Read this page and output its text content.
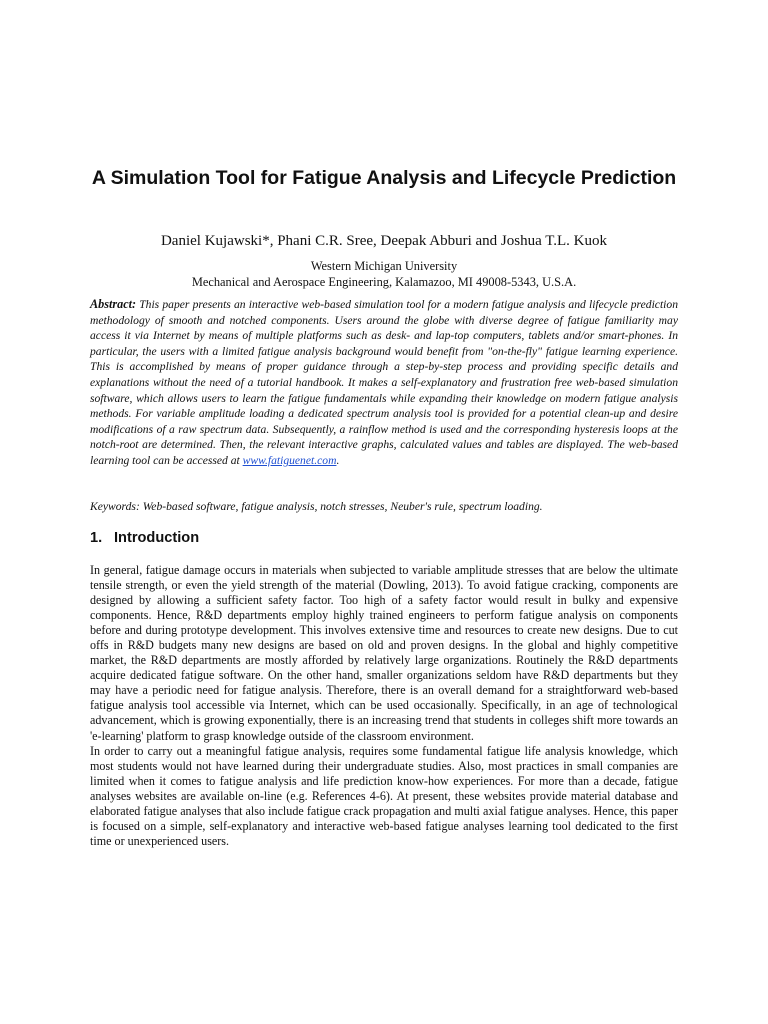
A Simulation Tool for Fatigue Analysis and Lifecycle Prediction

Daniel Kujawski*, Phani C.R. Sree, Deepak Abburi and Joshua T.L. Kuok

Western Michigan University
Mechanical and Aerospace Engineering, Kalamazoo, MI 49008-5343, U.S.A.

Abstract: This paper presents an interactive web-based simulation tool for a modern fatigue analysis and lifecycle prediction methodology of smooth and notched components. Users around the globe with diverse degree of fatigue familiarity may access it via Internet by means of multiple platforms such as desk- and lap-top computers, tablets and/or smart-phones. In particular, the users with a limited fatigue analysis background would benefit from "on-the-fly" fatigue learning experience. This is accomplished by means of proper guidance through a step-by-step process and providing specific details and explanations without the need of a tutorial handbook. It makes a self-explanatory and frustration free web-based simulation software, which allows users to learn the fatigue fundamentals while expanding their knowledge on modern fatigue analysis methods. For variable amplitude loading a dedicated spectrum analysis tool is provided for a potential clean-up and desire modifications of a raw spectrum data. Subsequently, a rainflow method is used and the corresponding hysteresis loops at the notch-root are determined. Then, the relevant interactive graphs, calculated values and tables are displayed. The web-based learning tool can be accessed at www.fatiguenet.com.

Keywords: Web-based software, fatigue analysis, notch stresses, Neuber's rule, spectrum loading.

1. Introduction

In general, fatigue damage occurs in materials when subjected to variable amplitude stresses that are below the ultimate tensile strength, or even the yield strength of the material (Dowling, 2013). To avoid fatigue cracking, components are designed by allowing a sufficient safety factor. Too high of a safety factor would result in bulky and expensive components. Hence, R&D departments employ highly trained engineers to perform fatigue analysis on components before and during prototype development. This involves extensive time and resources to create new designs. Due to cut offs in R&D budgets many new designs are based on old and proven designs. In the global and highly competitive market, the R&D departments are mostly afforded by relatively large organizations. Routinely the R&D departments acquire dedicated fatigue software. On the other hand, smaller organizations seldom have R&D departments but they may have a periodic need for fatigue analysis. Therefore, there is an overall demand for a straightforward web-based fatigue analysis tool accessible via Internet, which can be used occasionally. Specifically, in an age of technological advancement, which is growing exponentially, there is an increasing trend that students in colleges shift more towards an 'e-learning' platform to grasp knowledge outside of the classroom environment.

In order to carry out a meaningful fatigue analysis, requires some fundamental fatigue life analysis knowledge, which most students would not have learned during their undergraduate studies. Also, most practices in small companies are limited when it comes to fatigue analysis and life prediction know-how experiences. For more than a decade, fatigue analyses websites are available on-line (e.g. References 4-6). At present, these websites provide material database and elaborated fatigue analyses that also include fatigue crack propagation and multi axial fatigue analyses. Hence, this paper is focused on a simple, self-explanatory and interactive web-based fatigue analyses learning tool dedicated to the first time or unexperienced users.
